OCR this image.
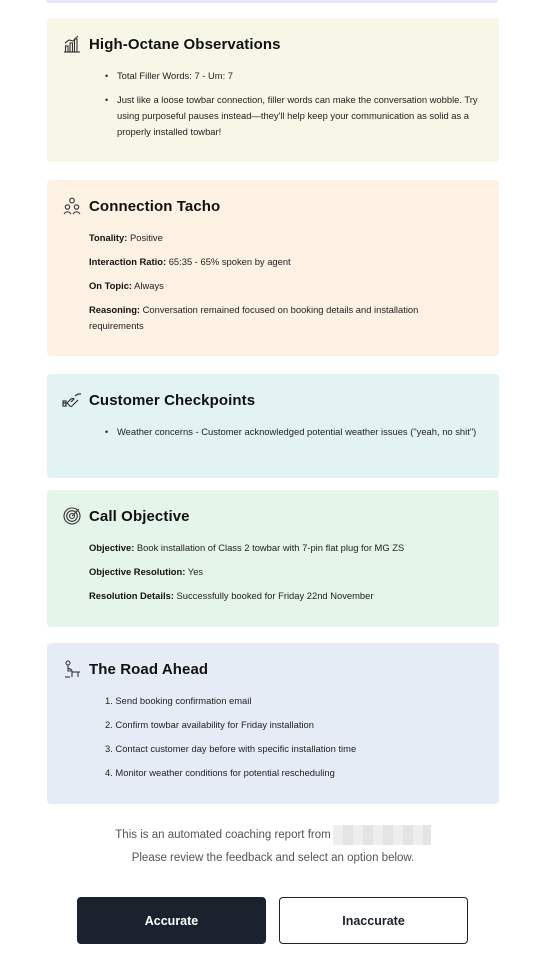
High-Octane Observations
• Total Filler Words: 7 - Um: 7
• Just like a loose towbar connection, filler words can make the conversation wobble. Try using purposeful pauses instead—they'll help keep your communication as solid as a properly installed towbar!
Connection Tacho
Tonality: Positive
Interaction Ratio: 65:35 - 65% spoken by agent
On Topic: Always
Reasoning: Conversation remained focused on booking details and installation requirements
Customer Checkpoints
• Weather concerns - Customer acknowledged potential weather issues ("yeah, no shit")
Call Objective
Objective: Book installation of Class 2 towbar with 7-pin flat plug for MG ZS
Objective Resolution: Yes
Resolution Details: Successfully booked for Friday 22nd November
The Road Ahead
1. Send booking confirmation email
2. Confirm towbar availability for Friday installation
3. Contact customer day before with specific installation time
4. Monitor weather conditions for potential rescheduling
This is an automated coaching report from
Please review the feedback and select an option below.
Accurate	Inaccurate
